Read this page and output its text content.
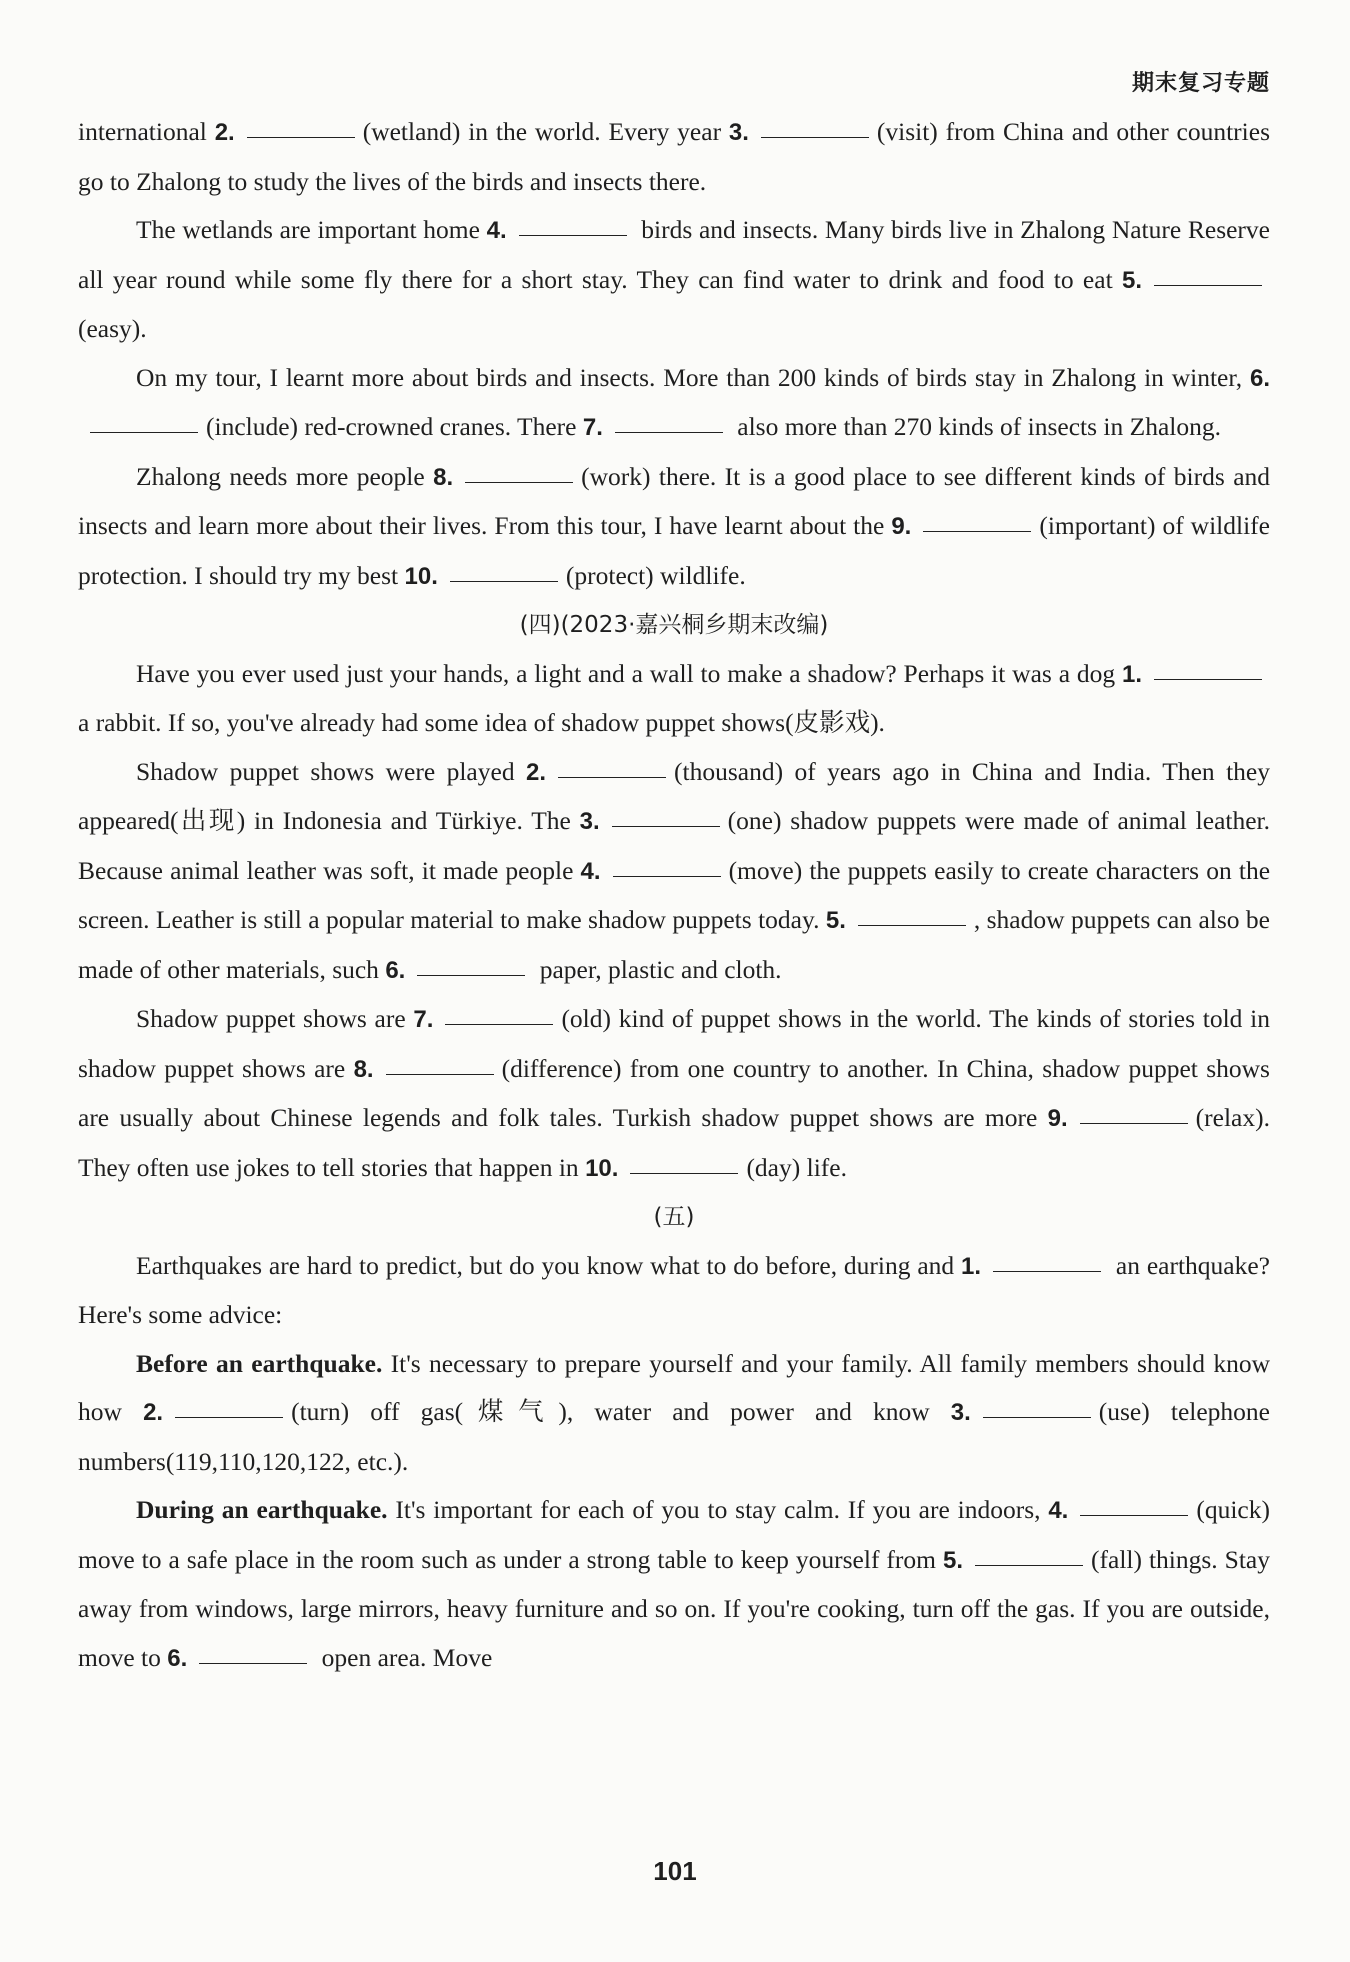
期末复习专题

international 2.	(wetland) in the world. Every year 3.	(visit) from China and other countries go to Zhalong to study the lives of the birds and insects there.

The wetlands are important home 4.	birds and insects. Many birds live in Zhalong Nature Reserve all year round while some fly there for a short stay. They can find water to drink and food to eat 5.(easy).

On my tour, I learnt more about birds and insects. More than 200 kinds of birds stay in Zhalong in winter, 6.(include) red-crowned cranes. There 7.	also more than 270 kinds of insects in Zhalong.

Zhalong needs more people 8.	(work) there. It is a good place to see different kinds of birds and insects and learn more about their lives. From this tour, I have learnt about the 9.	(important) of wildlife protection. I should try my best 10.	(protect) wildlife.

(四)(2023·嘉兴桐乡期末改编)

Have you ever used just your hands, a light and a wall to make a shadow? Perhaps it was a dog 1. a rabbit. If so, you've already had some idea of shadow puppet shows(皮影戏).

Shadow puppet shows were played 2.	(thousand) of years ago in China and India. Then they appeared(出现) in Indonesia and Türkiye. The 3.	(one) shadow puppets were made of animal leather. Because animal leather was soft, it made people 4.	(move) the puppets easily to create characters on the screen. Leather is still a popular material to make shadow puppets today. 5.	, shadow puppets can also be made of other materials, such 6.	paper, plastic and cloth.

Shadow puppet shows are 7.	(old) kind of puppet shows in the world. The kinds of stories told in shadow puppet shows are 8.	(difference) from one country to another. In China, shadow puppet shows are usually about Chinese legends and folk tales. Turkish shadow puppet shows are more 9.	(relax). They often use jokes to tell stories that happen in 10.	(day) life.

(五)

Earthquakes are hard to predict, but do you know what to do before, during and 1.	an earthquake? Here's some advice:

Before an earthquake. It's necessary to prepare yourself and your family. All family members should know how 2.	(turn) off gas(煤气), water and power and know 3.	(use) telephone numbers(119,110,120,122, etc.).

During an earthquake. It's important for each of you to stay calm. If you are indoors, 4.	(quick) move to a safe place in the room such as under a strong table to keep yourself from 5.	(fall) things. Stay away from windows, large mirrors, heavy furniture and so on. If you're cooking, turn off the gas. If you are outside, move to 6.	open area. Move

101
